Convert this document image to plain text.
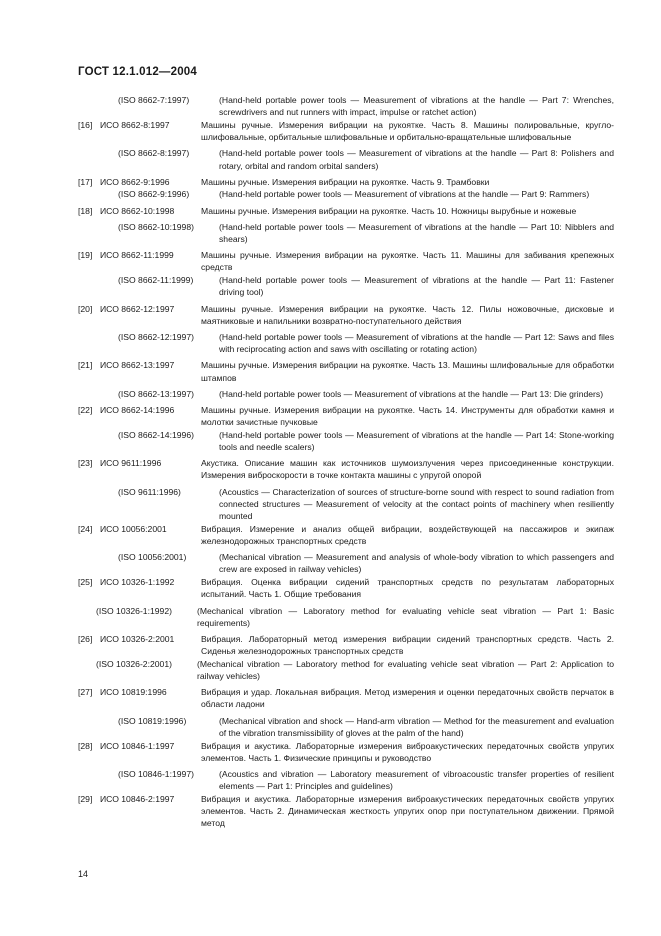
ГОСТ 12.1.012—2004
(ISO 8662-7:1997)	(Hand-held portable power tools — Measurement of vibrations at the handle — Part 7: Wrenches, screwdrivers and nut runners with impact, impulse or ratchet action)
[16] ИСО 8662-8:1997	Машины ручные. Измерения вибрации на рукоятке. Часть 8. Машины полировальные, круглошлифовальные, орбитальные шлифовальные и орбитально-вращательные шлифовальные
(ISO 8662-8:1997)	(Hand-held portable power tools — Measurement of vibrations at the handle — Part 8: Polishers and rotary, orbital and random orbital sanders)
[17] ИСО 8662-9:1996	Машины ручные. Измерения вибрации на рукоятке. Часть 9. Трамбовки
(ISO 8662-9:1996)	(Hand-held portable power tools — Measurement of vibrations at the handle — Part 9: Rammers)
[18] ИСО 8662-10:1998	Машины ручные. Измерения вибрации на рукоятке. Часть 10. Ножницы вырубные и ножевые
(ISO 8662-10:1998)	(Hand-held portable power tools — Measurement of vibrations at the handle — Part 10: Nibblers and shears)
[19] ИСО 8662-11:1999	Машины ручные. Измерения вибрации на рукоятке. Часть 11. Машины для забивания крепежных средств
(ISO 8662-11:1999)	(Hand-held portable power tools — Measurement of vibrations at the handle — Part 11: Fastener driving tool)
[20] ИСО 8662-12:1997	Машины ручные. Измерения вибрации на рукоятке. Часть 12. Пилы ножовочные, дисковые и маятниковые и напильники возвратно-поступательного действия
(ISO 8662-12:1997)	(Hand-held portable power tools — Measurement of vibrations at the handle — Part 12: Saws and files with reciprocating action and saws with oscillating or rotating action)
[21] ИСО 8662-13:1997	Машины ручные. Измерения вибрации на рукоятке. Часть 13. Машины шлифовальные для обработки штампов
(ISO 8662-13:1997)	(Hand-held portable power tools — Measurement of vibrations at the handle — Part 13: Die grinders)
[22] ИСО 8662-14:1996	Машины ручные. Измерения вибрации на рукоятке. Часть 14. Инструменты для обработки камня и молотки зачистные пучковые
(ISO 8662-14:1996)	(Hand-held portable power tools — Measurement of vibrations at the handle — Part 14: Stone-working tools and needle scalers)
[23] ИСО 9611:1996	Акустика. Описание машин как источников шумоизлучения через присоединенные конструкции. Измерения виброскорости в точке контакта машины с упругой опорой
(ISO 9611:1996)	(Acoustics — Characterization of sources of structure-borne sound with respect to sound radiation from connected structures — Measurement of velocity at the contact points of machinery when resiliently mounted
[24] ИСО 10056:2001	Вибрация. Измерение и анализ общей вибрации, воздействующей на пассажиров и экипаж железнодорожных транспортных средств
(ISO 10056:2001)	(Mechanical vibration — Measurement and analysis of whole-body vibration to which passengers and crew are exposed in railway vehicles)
[25] ИСО 10326-1:1992	Вибрация. Оценка вибрации сидений транспортных средств по результатам лабораторных испытаний. Часть 1. Общие требования
(ISO 10326-1:1992)	(Mechanical vibration — Laboratory method for evaluating vehicle seat vibration — Part 1: Basic requirements)
[26] ИСО 10326-2:2001	Вибрация. Лабораторный метод измерения вибрации сидений транспортных средств. Часть 2. Сиденья железнодорожных транспортных средств
(ISO 10326-2:2001)	(Mechanical vibration — Laboratory method for evaluating vehicle seat vibration — Part 2: Application to railway vehicles)
[27] ИСО 10819:1996	Вибрация и удар. Локальная вибрация. Метод измерения и оценки передаточных свойств перчаток в области ладони
(ISO 10819:1996)	(Mechanical vibration and shock — Hand-arm vibration — Method for the measurement and evaluation of the vibration transmissibility of gloves at the palm of the hand)
[28] ИСО 10846-1:1997	Вибрация и акустика. Лабораторные измерения виброакустических передаточных свойств упругих элементов. Часть 1. Физические принципы и руководство
(ISO 10846-1:1997)	(Acoustics and vibration — Laboratory measurement of vibroacoustic transfer properties of resilient elements — Part 1: Principles and guidelines)
[29] ИСО 10846-2:1997	Вибрация и акустика. Лабораторные измерения виброакустических передаточных свойств упругих элементов. Часть 2. Динамическая жесткость упругих опор при поступательном движении. Прямой метод
14
